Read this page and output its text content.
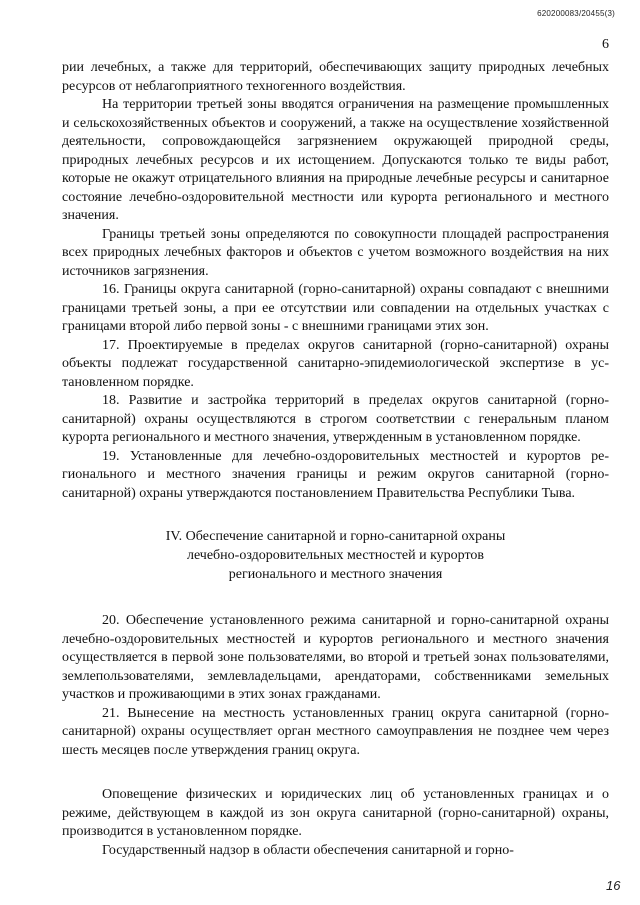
620200083/20455(3)
6

рии лечебных, а также для территорий, обеспечивающих защиту природных лечебных ресурсов от неблагоприятного техногенного воздействия.

На территории третьей зоны вводятся ограничения на размещение промышленных и сельскохозяйственных объектов и сооружений, а также на осуществление хозяйственной деятельности, сопровождающейся загрязнением окружающей природной среды, природных лечебных ресурсов и их истощением. Допускаются только те виды работ, которые не окажут отрицательного влияния на природные лечебные ресурсы и санитарное состояние лечебно-оздоровительной местности или курорта регионального и местного значения.

Границы третьей зоны определяются по совокупности площадей распространения всех природных лечебных факторов и объектов с учетом возможного воздействия на них источников загрязнения.

16. Границы округа санитарной (горно-санитарной) охраны совпадают с внешними границами третьей зоны, а при ее отсутствии или совпадении на отдельных участках с границами второй либо первой зоны - с внешними границами этих зон.

17. Проектируемые в пределах округов санитарной (горно-санитарной) охраны объекты подлежат государственной санитарно-эпидемиологической экспертизе в установленном порядке.

18. Развитие и застройка территорий в пределах округов санитарной (горно-санитарной) охраны осуществляются в строгом соответствии с генеральным планом курорта регионального и местного значения, утвержденным в установленном порядке.

19. Установленные для лечебно-оздоровительных местностей и курортов регионального и местного значения границы и режим округов санитарной (горно-санитарной) охраны утверждаются постановлением Правительства Республики Тыва.

IV. Обеспечение санитарной и горно-санитарной охраны
лечебно-оздоровительных местностей и курортов
регионального и местного значения

20. Обеспечение установленного режима санитарной и горно-санитарной охраны лечебно-оздоровительных местностей и курортов регионального и местного значения осуществляется в первой зоне пользователями, во второй и третьей зонах пользователями, землепользователями, землевладельцами, арендаторами, собственниками земельных участков и проживающими в этих зонах гражданами.

21. Вынесение на местность установленных границ округа санитарной (горно-санитарной) охраны осуществляет орган местного самоуправления не позднее чем через шесть месяцев после утверждения границ округа.

Оповещение физических и юридических лиц об установленных границах и о режиме, действующем в каждой из зон округа санитарной (горно-санитарной) охраны, производится в установленном порядке.

Государственный надзор в области обеспечения санитарной и горно-

16
